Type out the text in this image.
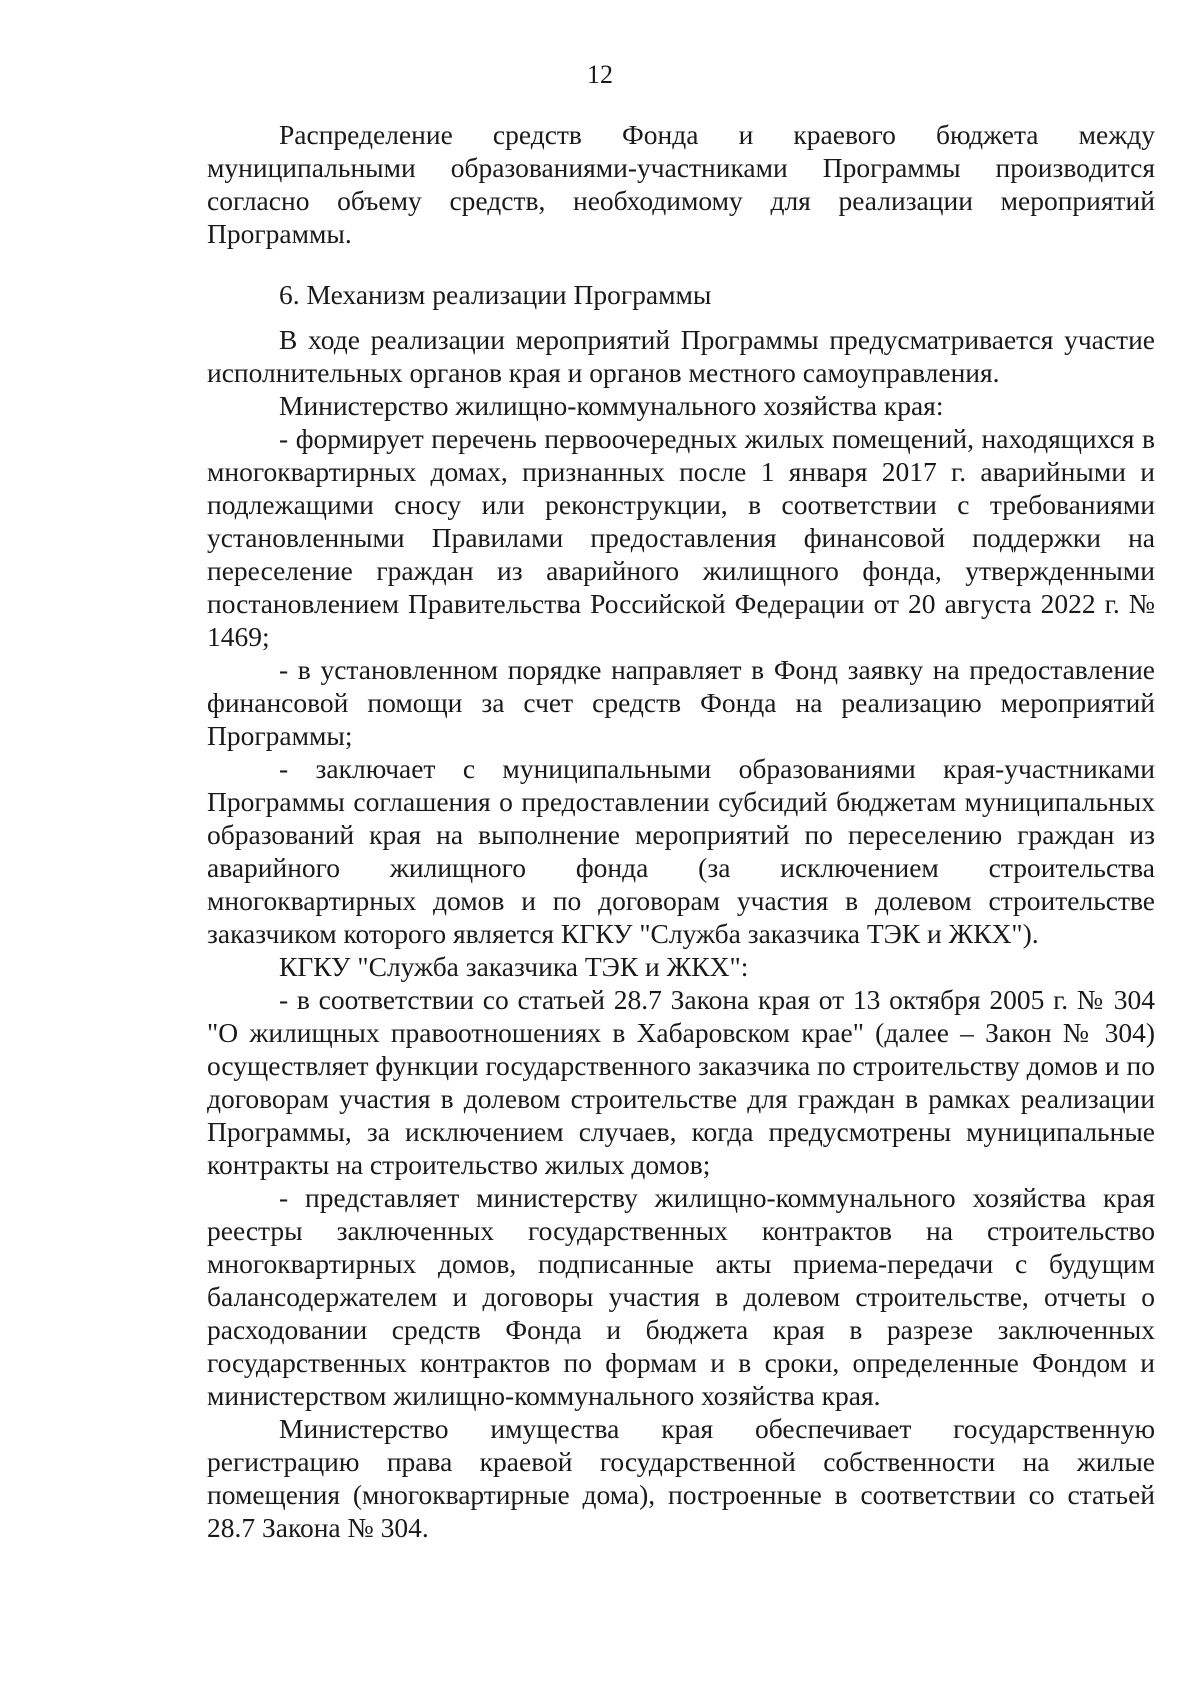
12

Распределение средств Фонда и краевого бюджета между муниципальными образованиями-участниками Программы производится согласно объему средств, необходимому для реализации мероприятий Программы.

6. Механизм реализации Программы

В ходе реализации мероприятий Программы предусматривается участие исполнительных органов края и органов местного самоуправления.

Министерство жилищно-коммунального хозяйства края:

- формирует перечень первоочередных жилых помещений, находящихся в многоквартирных домах, признанных после 1 января 2017 г. аварийными и подлежащими сносу или реконструкции, в соответствии с требованиями установленными Правилами предоставления финансовой поддержки на переселение граждан из аварийного жилищного фонда, утвержденными постановлением Правительства Российской Федерации от 20 августа 2022 г. № 1469;

- в установленном порядке направляет в Фонд заявку на предоставление финансовой помощи за счет средств Фонда на реализацию мероприятий Программы;

- заключает с муниципальными образованиями края-участниками Программы соглашения о предоставлении субсидий бюджетам муниципальных образований края на выполнение мероприятий по переселению граждан из аварийного жилищного фонда (за исключением строительства многоквартирных домов и по договорам участия в долевом строительстве заказчиком которого является КГКУ "Служба заказчика ТЭК и ЖКХ").

КГКУ "Служба заказчика ТЭК и ЖКХ":

- в соответствии со статьей 28.7 Закона края от 13 октября 2005 г. № 304 "О жилищных правоотношениях в Хабаровском крае" (далее – Закон № 304) осуществляет функции государственного заказчика по строительству домов и по договорам участия в долевом строительстве для граждан в рамках реализации Программы, за исключением случаев, когда предусмотрены муниципальные контракты на строительство жилых домов;

- представляет министерству жилищно-коммунального хозяйства края реестры заключенных государственных контрактов на строительство многоквартирных домов, подписанные акты приема-передачи с будущим балансодержателем и договоры участия в долевом строительстве, отчеты о расходовании средств Фонда и бюджета края в разрезе заключенных государственных контрактов по формам и в сроки, определенные Фондом и министерством жилищно-коммунального хозяйства края.

Министерство имущества края обеспечивает государственную регистрацию права краевой государственной собственности на жилые помещения (многоквартирные дома), построенные в соответствии со статьей 28.7 Закона № 304.
